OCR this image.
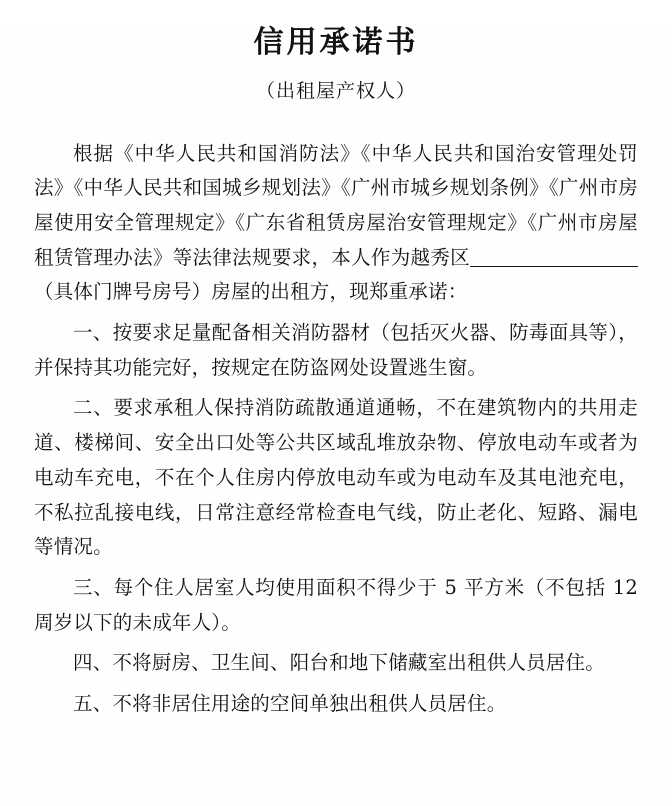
信用承诺书
（出租屋产权人）

根据《中华人民共和国消防法》《中华人民共和国治安管理处罚法》《中华人民共和国城乡规划法》《广州市城乡规划条例》《广州市房屋使用安全管理规定》《广东省租赁房屋治安管理规定》《广州市房屋租赁管理办法》等法律法规要求，本人作为越秀区（具体门牌号房号）房屋的出租方，现郑重承诺：

一、按要求足量配备相关消防器材（包括灭火器、防毒面具等），并保持其功能完好，按规定在防盗网处设置逃生窗。

二、要求承租人保持消防疏散通道通畅，不在建筑物内的共用走道、楼梯间、安全出口处等公共区域乱堆放杂物、停放电动车或者为电动车充电，不在个人住房内停放电动车或为电动车及其电池充电，不私拉乱接电线，日常注意经常检查电气线，防止老化、短路、漏电等情况。

三、每个住人居室人均使用面积不得少于 5 平方米（不包括 12 周岁以下的未成年人）。

四、不将厨房、卫生间、阳台和地下储藏室出租供人员居住。

五、不将非居住用途的空间单独出租供人员居住。
